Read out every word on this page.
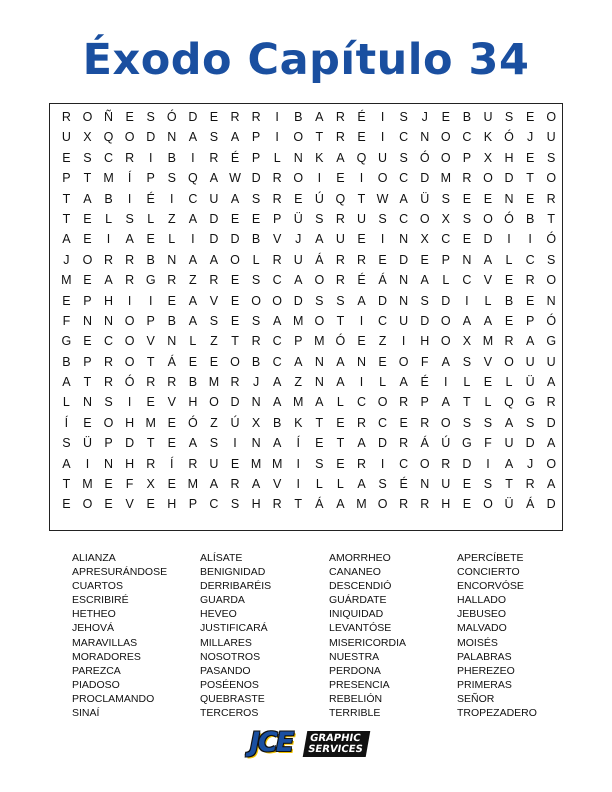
Éxodo Capítulo 34
R O Ñ E S Ó D E R R	I	B A R É	I	S	J	E B U S E O
U X Q O D N A S A P	I	O T R E	I	C N O C K Ó	J	U
E S C R	I	B	I	R É P	L	N K A Q U S Ó O P X H E S
P	T M	Í	P S Q A W D R O	I	E	I	O C D M R O D T O
T	A B	I	É	I	C U A S R E Ú Q T W A Ü S E E N E R
T	E	L	S	L	Z	A D E E P Ü S R U S C O X S O Ó B	T
A E	I	A E	L	I	D D B V	J	A U E	I	N X C E D	I	I	Ó
J	O R R B N A A O L	R U Á R R E D E P N A	L	C S
M E A R G R Z R E S C A O R É Á N A	L	C V E R O
E P H	I	I	E A V E O O D S S A D N S D	I	L	B E N
F N N O P B A S E S A M O T	I	C U D O A A E P Ó
G E C O V N	L	Z	T R C P M Ó E	Z	I	H O X M R A G
B P R O T	Á E E O B C A N A N E O F	A S V O U U
A	T R Ó R R B M R	J	A	Z N A	I	L	A É	I	L	E	L	Ü A
L	N S	I	E V H O D N A M A	L	C O R P A	T	L Q G R
Í	E O H M E Ó Z Ú X B K	T	E R C E R O S S A S D
S Ü P D T	E A S	I	N A	Í	E	T	A D R Á Ú G F U D A
A	I	N H R	Í	R U E M M	I	S E R	I	C O R D	I	A	J	O
T M E	F	X E M A R A V	I	L	L	A S É N U E S	T R A
E O E V E H P C S H R T	Á A M O R R H E O Ü Á D
ALIANZA
APRESURÁNDOSE
CUARTOS
ESCRIBIRÉ
HETHEO
JEHOVÁ
MARAVILLAS
MORADORES
PAREZCA
PIADOSO
PROCLAMANDO
SINAÍ
ALÍSATE
BENIGNIDAD
DERRIBARÉIS
GUARDA
HEVEO
JUSTIFICARÁ
MILLARES
NOSOTROS
PASANDO
POSÉENOS
QUEBRASTE
TERCEROS
AMORRHEO
CANANEO
DESCENDIÓ
GUÁRDATE
INIQUIDAD
LEVANTÓSE
MISERICORDIA
NUESTRA
PERDONA
PRESENCIA
REBELIÓN
TERRIBLE
APERCÍBETE
CONCIERTO
ENCORVÓSE
HALLADO
JEBUSEO
MALVADO
MOISÉS
PALABRAS
PHEREZEO
PRIMERAS
SEÑOR
TROPEZADERO
JCE GRAPHIC
SERVICES
